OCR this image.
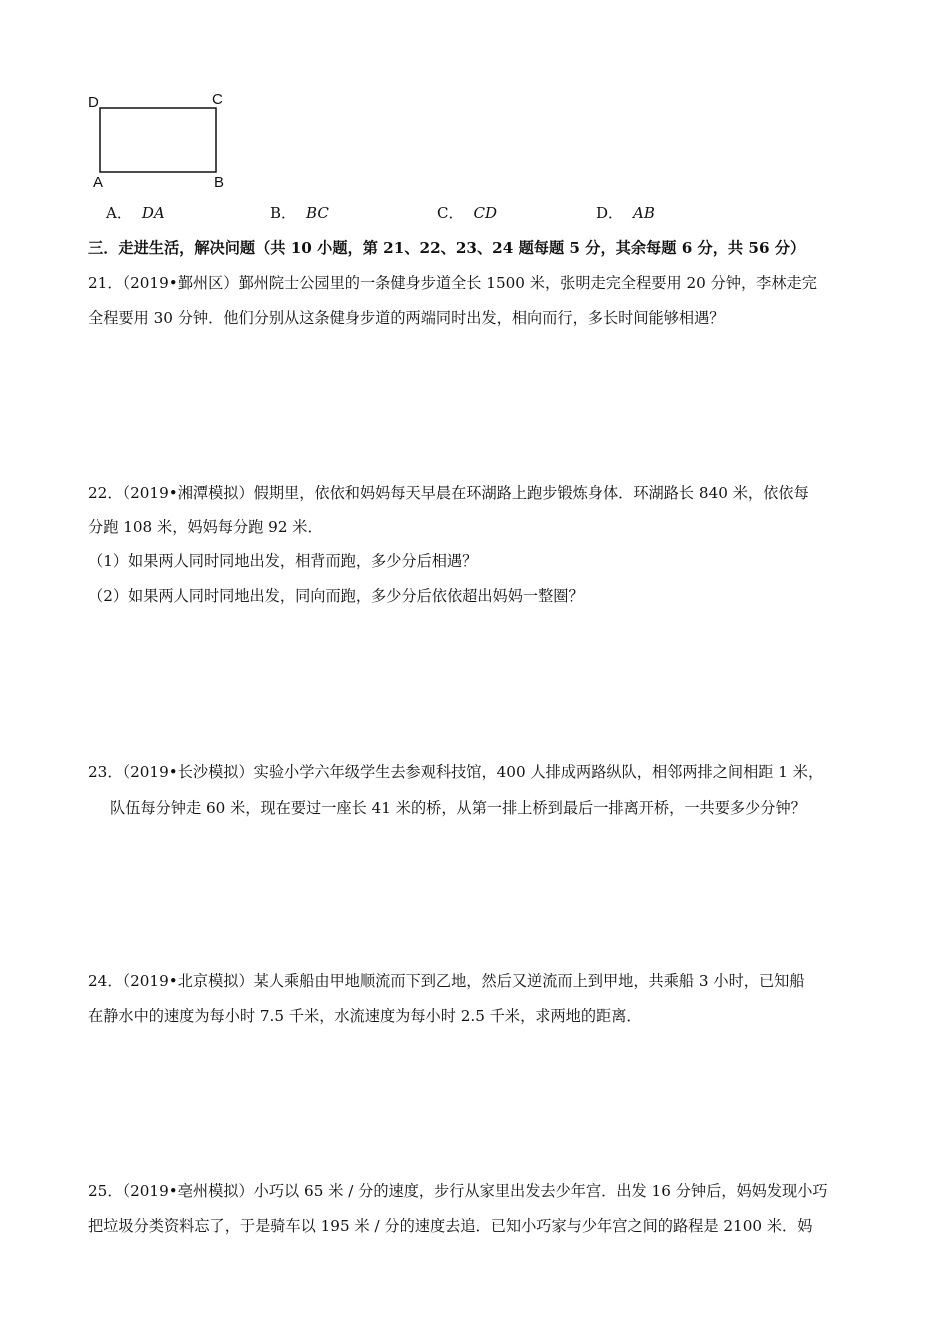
D	C
A	B
A． DA	B． BC	C． CD	D． AB
三．走进生活，解决问题（共 10 小题，第 21、22、23、24 题每题 5 分，其余每题 6 分，共 56 分）
21．（2019•鄞州区）鄞州院士公园里的一条健身步道全长 1500 米，张明走完全程要用 20 分钟，李林走完
全程要用 30 分钟．他们分别从这条健身步道的两端同时出发，相向而行，多长时间能够相遇？
22．（2019•湘潭模拟）假期里，依依和妈妈每天早晨在环湖路上跑步锻炼身体．环湖路长 840 米，依依每
分跑 108 米，妈妈每分跑 92 米．
（1）如果两人同时同地出发，相背而跑，多少分后相遇？
（2）如果两人同时同地出发，同向而跑，多少分后依依超出妈妈一整圈？
23．（2019•长沙模拟）实验小学六年级学生去参观科技馆，400 人排成两路纵队，相邻两排之间相距 1 米，
队伍每分钟走 60 米，现在要过一座长 41 米的桥，从第一排上桥到最后一排离开桥，一共要多少分钟？
24．（2019•北京模拟）某人乘船由甲地顺流而下到乙地，然后又逆流而上到甲地，共乘船 3 小时，已知船
在静水中的速度为每小时 7.5 千米，水流速度为每小时 2.5 千米，求两地的距离．
25．（2019•亳州模拟）小巧以 65 米 / 分的速度，步行从家里出发去少年宫．出发 16 分钟后，妈妈发现小巧
把垃圾分类资料忘了，于是骑车以 195 米 / 分的速度去追．已知小巧家与少年宫之间的路程是 2100 米．妈
